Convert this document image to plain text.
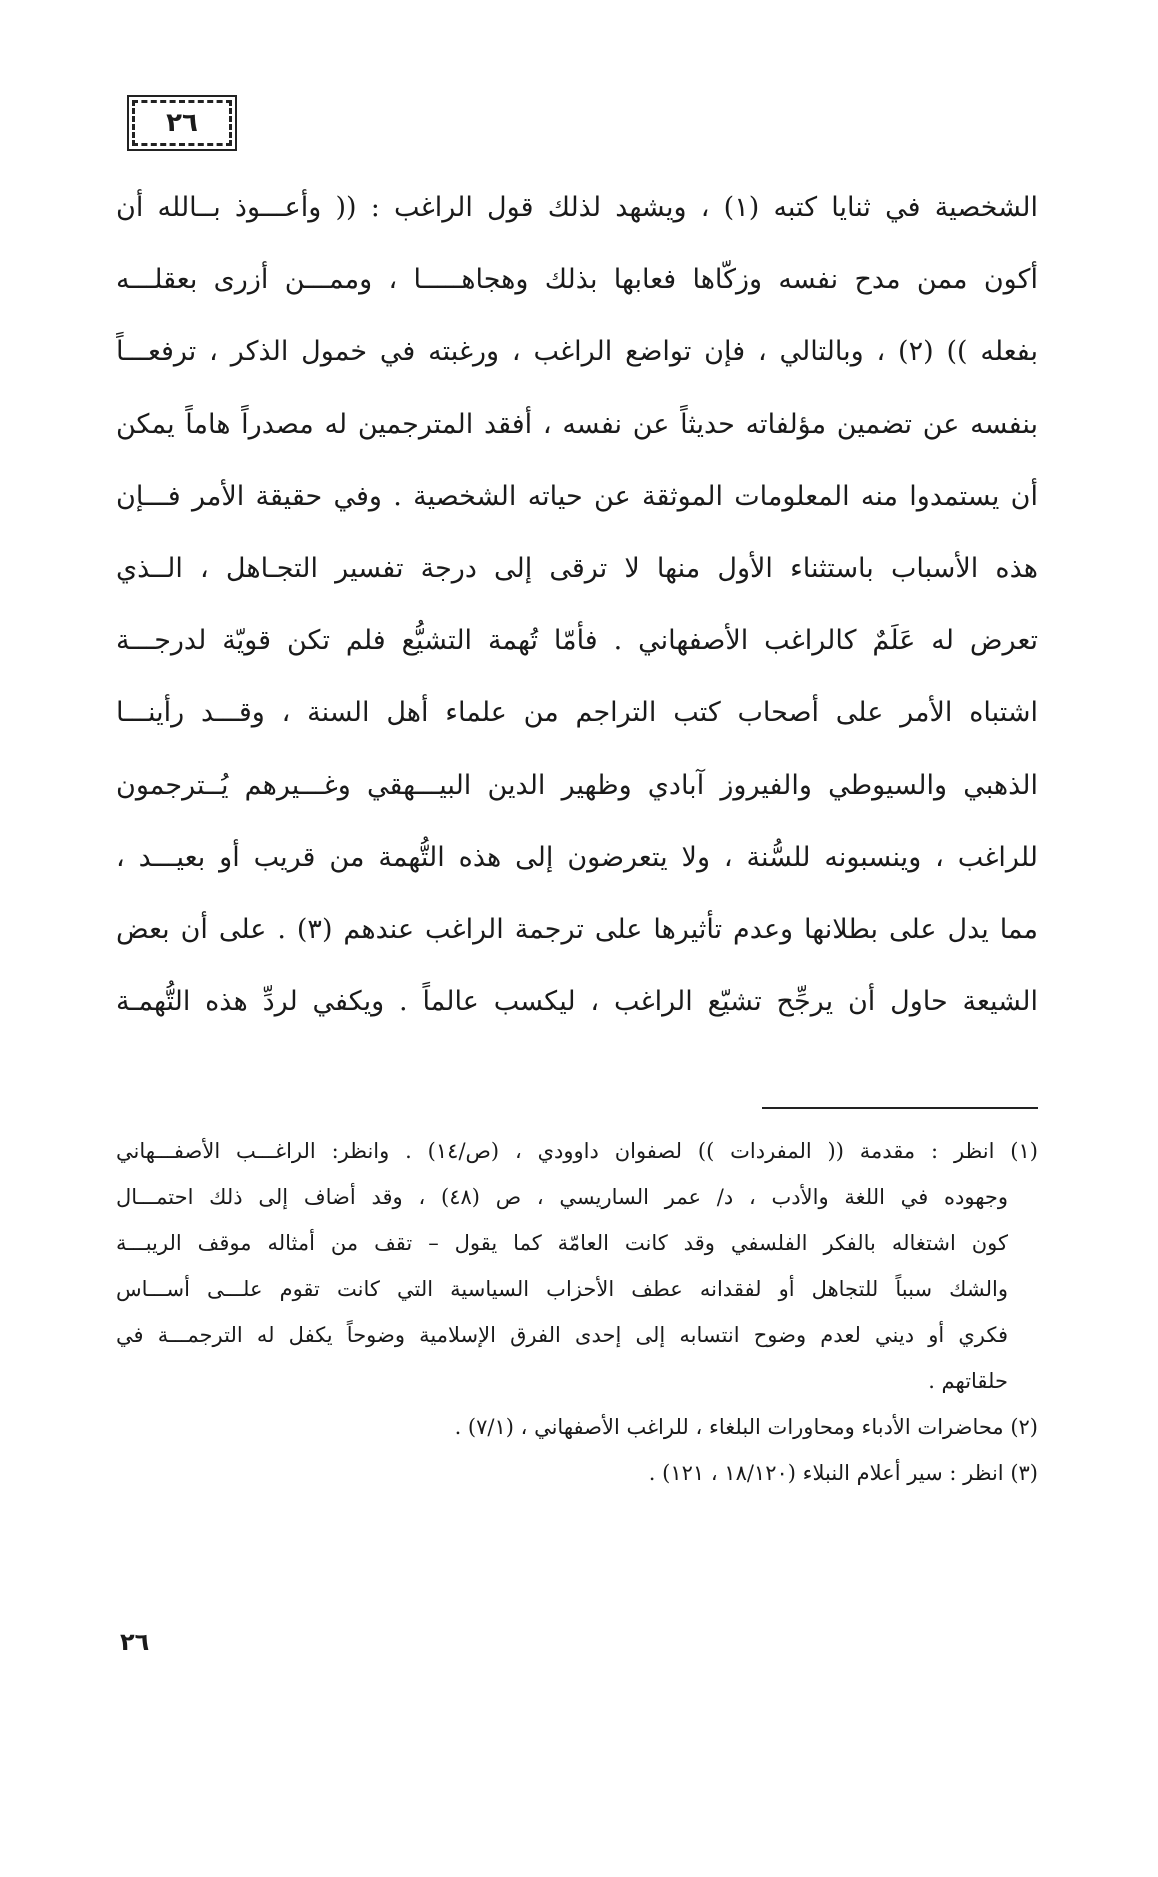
٢٦
الشخصية في ثنايا كتبه (١) ، ويشهد لذلك قول الراغب : (( وأعـــوذ بــالله أن
أكون ممن مدح نفسه وزكّاها فعابها بذلك وهجاهـــــا ، وممـــن أزرى بعقلـــه
بفعله )) (٢) ، وبالتالي ، فإن تواضع الراغب ، ورغبته في خمول الذكر ، ترفعـــاً
بنفسه عن تضمين مؤلفاته حديثاً عن نفسه ، أفقد المترجمين له مصدراً هاماً يمكن
أن يستمدوا منه المعلومات الموثقة عن حياته الشخصية . وفي حقيقة الأمر فـــإن
هذه الأسباب باستثناء الأول منها لا ترقى إلى درجة تفسير التجـاهل ، الــذي
تعرض له عَلَمٌ كالراغب الأصفهاني . فأمّا تُهمة التشيُّع فلم تكن قويّة لدرجـــة
اشتباه الأمر على أصحاب كتب التراجم من علماء أهل السنة ، وقـــد رأينـــا
الذهبي والسيوطي والفيروز آبادي وظهير الدين البيـــهقي وغـــيرهم يُــترجمون
للراغب ، وينسبونه للسُّنة ، ولا يتعرضون إلى هذه التُّهمة من قريب أو بعيـــد ،
مما يدل على بطلانها وعدم تأثيرها على ترجمة الراغب عندهم (٣) . على أن بعض
الشيعة حاول أن يرجِّح تشيّع الراغب ، ليكسب عالماً . ويكفي لردِّ هذه التُّهمـة
(١) انظر : مقدمة (( المفردات )) لصفوان داوودي ، (ص/١٤) . وانظر: الراغـــب الأصفـــهاني
وجهوده في اللغة والأدب ، د/ عمر الساريسي ، ص (٤٨) ، وقد أضاف إلى ذلك احتمـــال
كون اشتغاله بالفكر الفلسفي وقد كانت العامّة كما يقول – تقف من أمثاله موقف الريبـــة
والشك سبباً للتجاهل أو لفقدانه عطف الأحزاب السياسية التي كانت تقوم علـــى أســـاس
فكري أو ديني لعدم وضوح انتسابه إلى إحدى الفرق الإسلامية وضوحاً يكفل له الترجمـــة في
حلقاتهم .
(٢) محاضرات الأدباء ومحاورات البلغاء ، للراغب الأصفهاني ، (٧/١) .
(٣) انظر : سير أعلام النبلاء (١٨/١٢٠ ، ١٢١) .
٢٦
